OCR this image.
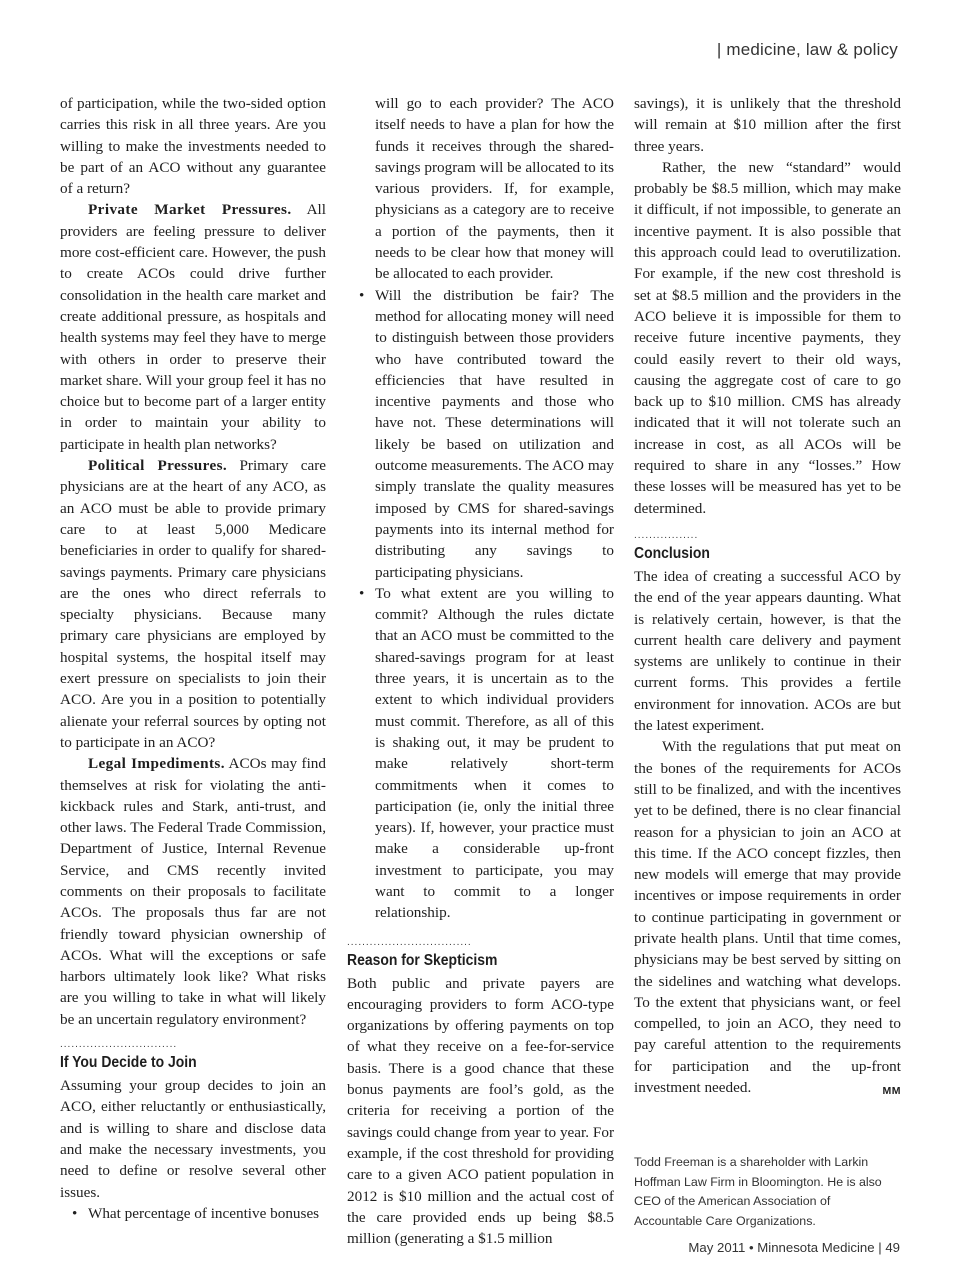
| medicine, law & policy

of participation, while the two-sided option carries this risk in all three years. Are you willing to make the investments needed to be part of an ACO without any guarantee of a return?

Private Market Pressures. All providers are feeling pressure to deliver more cost-efficient care. However, the push to create ACOs could drive further consolidation in the health care market and create additional pressure, as hospitals and health systems may feel they have to merge with others in order to preserve their market share. Will your group feel it has no choice but to become part of a larger entity in order to maintain your ability to participate in health plan networks?

Political Pressures. Primary care physicians are at the heart of any ACO, as an ACO must be able to provide primary care to at least 5,000 Medicare beneficiaries in order to qualify for shared-savings payments. Primary care physicians are the ones who direct referrals to specialty physicians. Because many primary care physicians are employed by hospital systems, the hospital itself may exert pressure on specialists to join their ACO. Are you in a position to potentially alienate your referral sources by opting not to participate in an ACO?

Legal Impediments. ACOs may find themselves at risk for violating the anti-kickback rules and Stark, anti-trust, and other laws. The Federal Trade Commission, Department of Justice, Internal Revenue Service, and CMS recently invited comments on their proposals to facilitate ACOs. The proposals thus far are not friendly toward physician ownership of ACOs. What will the exceptions or safe harbors ultimately look like? What risks are you willing to take in what will likely be an uncertain regulatory environment?

...............................
If You Decide to Join

Assuming your group decides to join an ACO, either reluctantly or enthusiastically, and is willing to share and disclose data and make the necessary investments, you need to define or resolve several other issues.

• What percentage of incentive bonuses
will go to each provider? The ACO itself needs to have a plan for how the funds it receives through the shared-savings program will be allocated to its various providers. If, for example, physicians as a category are to receive a portion of the payments, then it needs to be clear how that money will be allocated to each provider.
• Will the distribution be fair? The method for allocating money will need to distinguish between those providers who have contributed toward the efficiencies that have resulted in incentive payments and those who have not. These determinations will likely be based on utilization and outcome measurements. The ACO may simply translate the quality measures imposed by CMS for shared-savings payments into its internal method for distributing any savings to participating physicians.
• To what extent are you willing to commit? Although the rules dictate that an ACO must be committed to the shared-savings program for at least three years, it is uncertain as to the extent to which individual providers must commit. Therefore, as all of this is shaking out, it may be prudent to make relatively short-term commitments when it comes to participation (ie, only the initial three years). If, however, your practice must make a considerable up-front investment to participate, you may want to commit to a longer relationship.
.................................
Reason for Skepticism

Both public and private payers are encouraging providers to form ACO-type organizations by offering payments on top of what they receive on a fee-for-service basis. There is a good chance that these bonus payments are fool’s gold, as the criteria for receiving a portion of the savings could change from year to year. For example, if the cost threshold for providing care to a given ACO patient population in 2012 is $10 million and the actual cost of the care provided ends up being $8.5 million (generating a $1.5 million

savings), it is unlikely that the threshold will remain at $10 million after the first three years.

Rather, the new “standard” would probably be $8.5 million, which may make it difficult, if not impossible, to generate an incentive payment. It is also possible that this approach could lead to overutilization. For example, if the new cost threshold is set at $8.5 million and the providers in the ACO believe it is impossible for them to receive future incentive payments, they could easily revert to their old ways, causing the aggregate cost of care to go back up to $10 million. CMS has already indicated that it will not tolerate such an increase in cost, as all ACOs will be required to share in any “losses.” How these losses will be measured has yet to be determined.

.................
Conclusion

The idea of creating a successful ACO by the end of the year appears daunting. What is relatively certain, however, is that the current health care delivery and payment systems are unlikely to continue in their current forms. This provides a fertile environment for innovation. ACOs are but the latest experiment.

With the regulations that put meat on the bones of the requirements for ACOs still to be finalized, and with the incentives yet to be defined, there is no clear financial reason for a physician to join an ACO at this time. If the ACO concept fizzles, then new models will emerge that may provide incentives or impose requirements in order to continue participating in government or private health plans. Until that time comes, physicians may be best served by sitting on the sidelines and watching what develops. To the extent that physicians want, or feel compelled, to join an ACO, they need to pay careful attention to the requirements for participation and the up-front investment needed.	MM

Todd Freeman is a shareholder with Larkin Hoffman Law Firm in Bloomington. He is also CEO of the American Association of Accountable Care Organizations.
May 2011 • Minnesota Medicine | 49
